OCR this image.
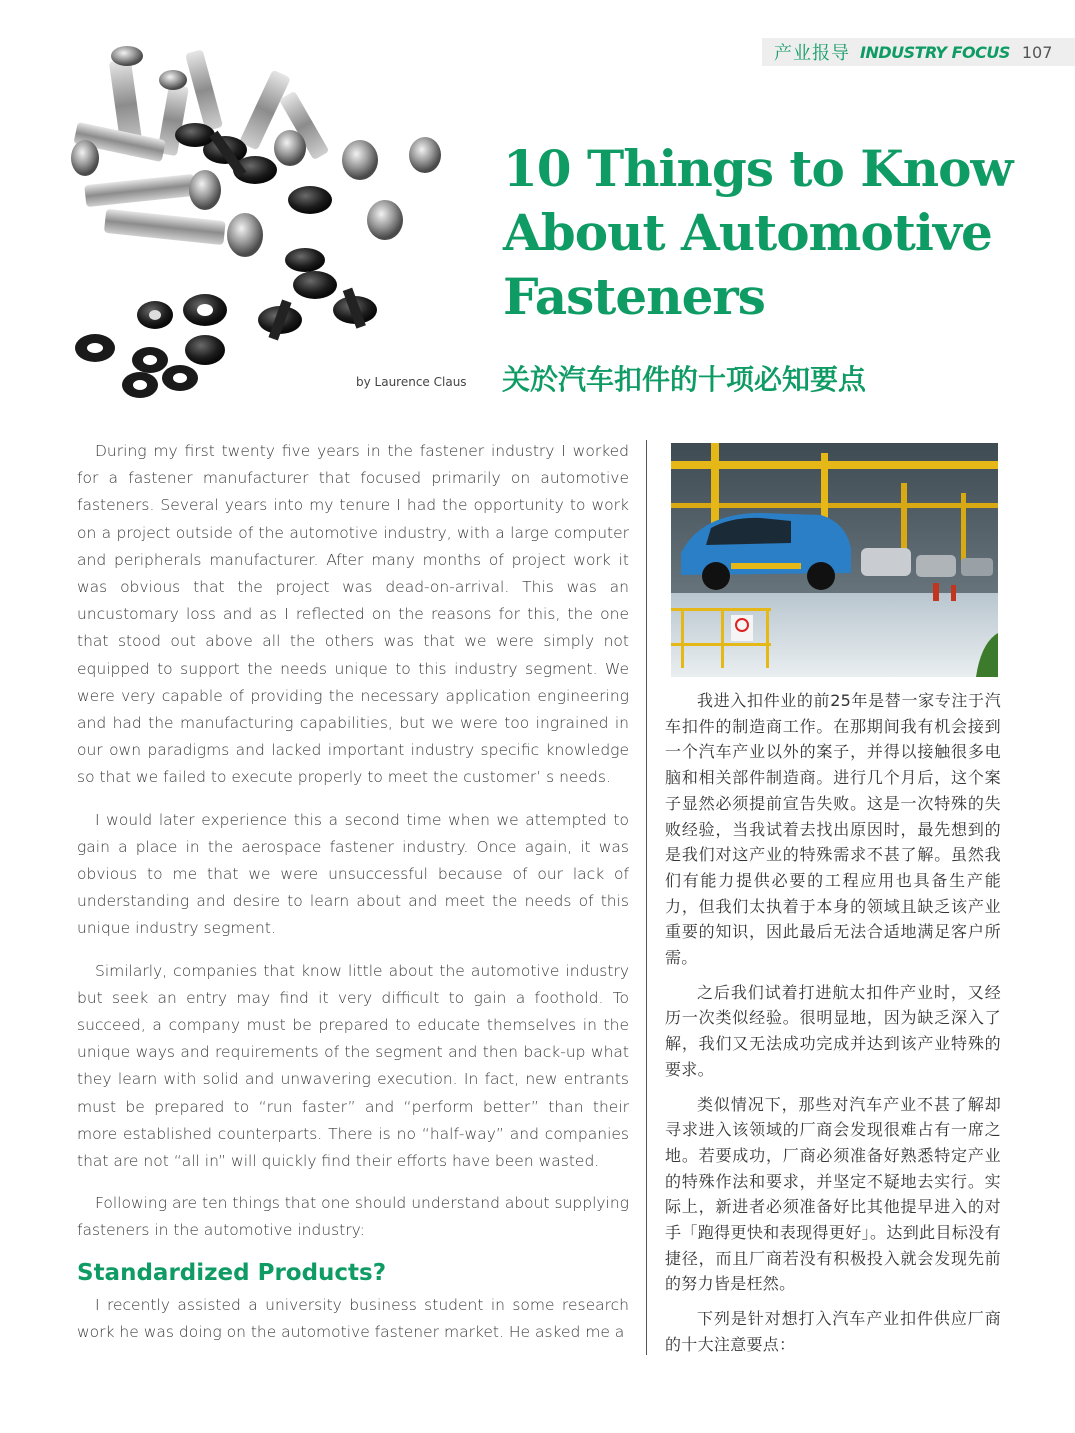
产业报导 INDUSTRY FOCUS 107
10 Things to Know
About Automotive
Fasteners
by Laurence Claus 关於汽车扣件的十项必知要点

During my first twenty five years in the fastener industry I worked for a fastener manufacturer that focused primarily on automotive fasteners. Several years into my tenure I had the opportunity to work on a project outside of the automotive industry, with a large computer and peripherals manufacturer. After many months of project work it was obvious that the project was dead-on-arrival. This was an uncustomary loss and as I reflected on the reasons for this, the one that stood out above all the others was that we were simply not equipped to support the needs unique to this industry segment. We were very capable of providing the necessary application engineering and had the manufacturing capabilities, but we were too ingrained in our own paradigms and lacked important industry specific knowledge so that we failed to execute properly to meet the customer’ s needs.

I would later experience this a second time when we attempted to gain a place in the aerospace fastener industry. Once again, it was obvious to me that we were unsuccessful because of our lack of understanding and desire to learn about and meet the needs of this unique industry segment.

Similarly, companies that know little about the automotive industry but seek an entry may find it very difficult to gain a foothold. To succeed, a company must be prepared to educate themselves in the unique ways and requirements of the segment and then back-up what they learn with solid and unwavering execution. In fact, new entrants must be prepared to “run faster” and “perform better” than their more established counterparts. There is no “half-way” and companies that are not “all in” will quickly find their efforts have been wasted.

Following are ten things that one should understand about supplying fasteners in the automotive industry:

Standardized Products?

I recently assisted a university business student in some research work he was doing on the automotive fastener market. He asked me a

我进入扣件业的前25年是替一家专注于汽车扣件的制造商工作。在那期间我有机会接到一个汽车产业以外的案子，并得以接触很多电脑和相关部件制造商。进行几个月后，这个案子显然必须提前宣告失败。这是一次特殊的失败经验，当我试着去找出原因时，最先想到的是我们对这产业的特殊需求不甚了解。虽然我们有能力提供必要的工程应用也具备生产能力，但我们太执着于本身的领域且缺乏该产业重要的知识，因此最后无法合适地满足客户所需。

之后我们试着打进航太扣件产业时，又经历一次类似经验。很明显地，因为缺乏深入了解，我们又无法成功完成并达到该产业特殊的要求。

类似情况下，那些对汽车产业不甚了解却寻求进入该领域的厂商会发现很难占有一席之地。若要成功，厂商必须准备好熟悉特定产业的特殊作法和要求，并坚定不疑地去实行。实际上，新进者必须准备好比其他提早进入的对手「跑得更快和表现得更好」。达到此目标没有捷径，而且厂商若没有积极投入就会发现先前的努力皆是枉然。

下列是针对想打入汽车产业扣件供应厂商的十大注意要点：
